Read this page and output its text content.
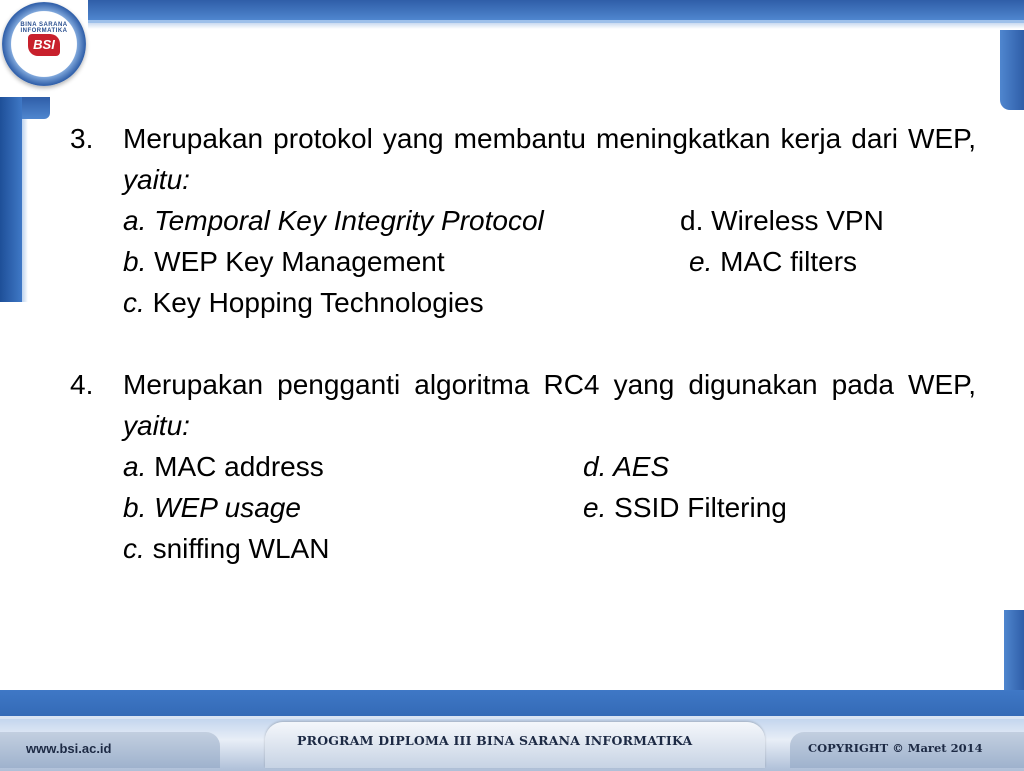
BINA SARANA INFORMATIKA
BSI
3.	Merupakan protokol yang membantu meningkatkan kerja dari WEP, yaitu:
a. Temporal Key Integrity Protocol	d. Wireless VPN
b. WEP Key Management	e. MAC filters
c. Key Hopping Technologies
4.	Merupakan pengganti algoritma RC4 yang digunakan pada WEP, yaitu:
a. MAC address	d. AES
b. WEP usage	e. SSID Filtering
c. sniffing WLAN
www.bsi.ac.id
PROGRAM DIPLOMA III BINA SARANA INFORMATIKA	COPYRIGHT © Maret 2014
